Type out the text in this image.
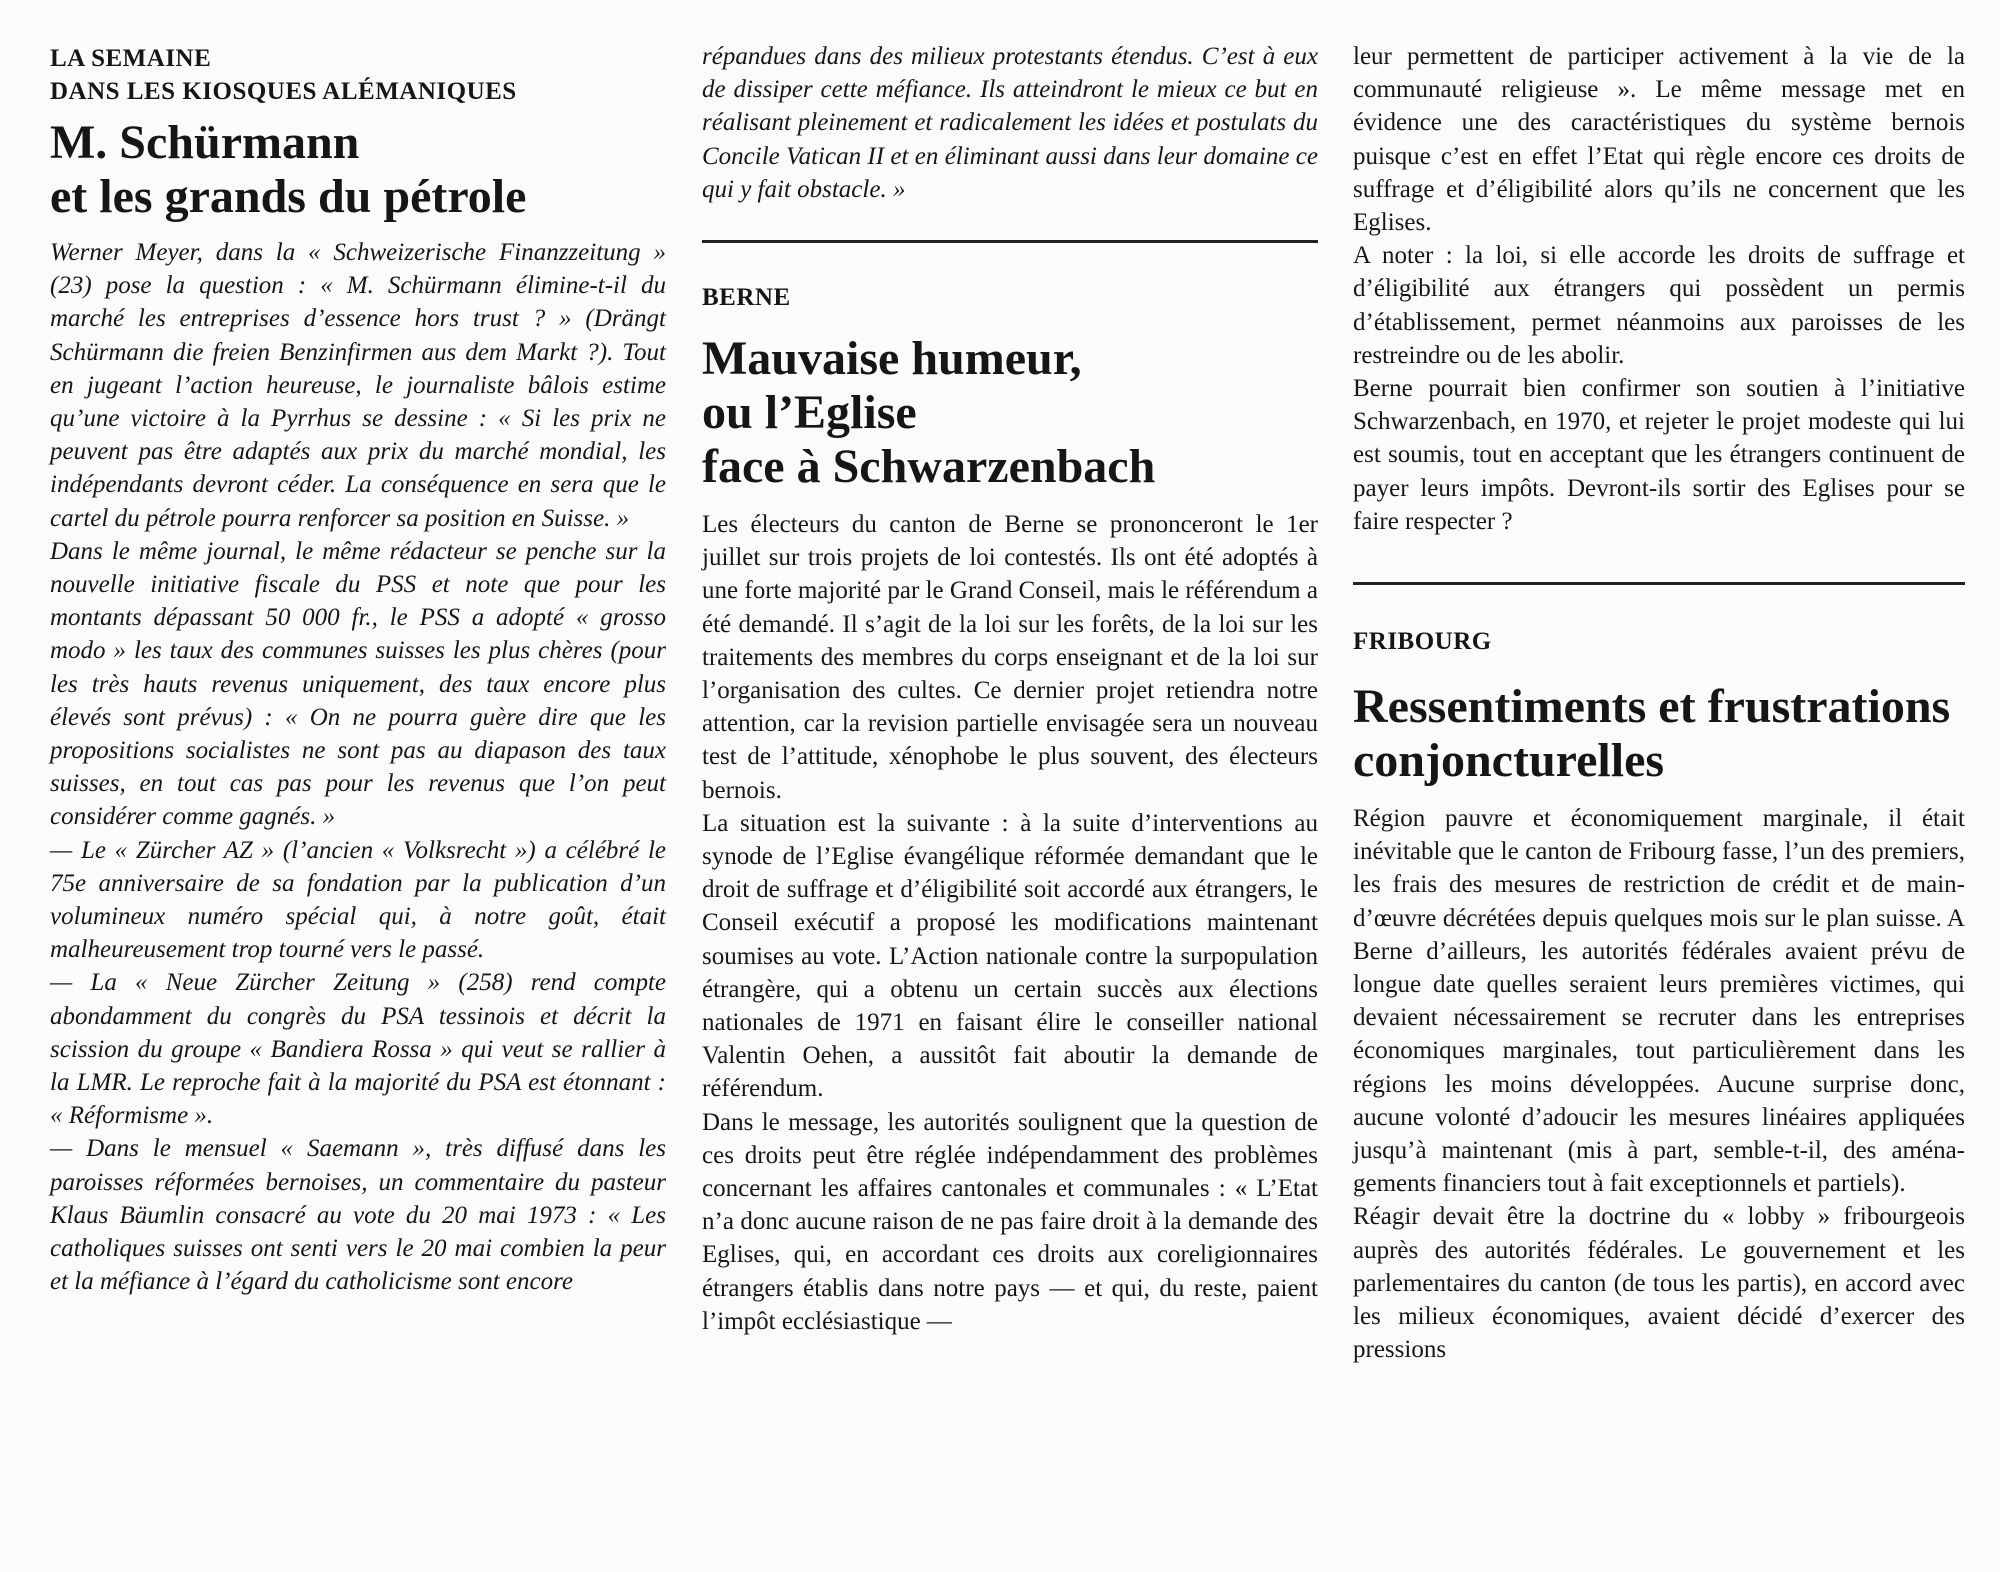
LA SEMAINE
DANS LES KIOSQUES ALÉMANIQUES
M. Schürmann
et les grands du pétrole

Werner Meyer, dans la « Schweizerische Finanzzeitung » (23) pose la question : « M. Schürmann élimine-t-il du marché les entreprises d’essence hors trust ? » (Drängt Schürmann die freien Benzinfirmen aus dem Markt ?). Tout en jugeant l’action heureuse, le journaliste bâlois estime qu’une victoire à la Pyrrhus se dessine : « Si les prix ne peuvent pas être adaptés aux prix du marché mondial, les indépendants devront céder. La conséquence en sera que le cartel du pétrole pourra renforcer sa position en Suisse. »

Dans le même journal, le même rédacteur se penche sur la nouvelle initiative fiscale du PSS et note que pour les montants dépassant 50 000 fr., le PSS a adopté « grosso modo » les taux des communes suisses les plus chères (pour les très hauts revenus uniquement, des taux encore plus élevés sont prévus) : « On ne pourra guère dire que les propositions socialistes ne sont pas au diapason des taux suisses, en tout cas pas pour les revenus que l’on peut considérer comme gagnés. »

— Le « Zürcher AZ » (l’ancien « Volksrecht ») a célébré le 75e anniversaire de sa fondation par la publication d’un volumineux numéro spécial qui, à notre goût, était malheureusement trop tourné vers le passé.

— La « Neue Zürcher Zeitung » (258) rend compte abondamment du congrès du PSA tessinois et décrit la scission du groupe « Bandiera Rossa » qui veut se rallier à la LMR. Le reproche fait à la majorité du PSA est étonnant : « Réformisme ».

— Dans le mensuel « Saemann », très diffusé dans les paroisses réformées bernoises, un commentaire du pasteur Klaus Bäumlin consacré au vote du 20 mai 1973 : « Les catholiques suisses ont senti vers le 20 mai combien la peur et la méfiance à l’égard du catholicisme sont encore

répandues dans des milieux protestants étendus. C’est à eux de dissiper cette méfiance. Ils atteindront le mieux ce but en réalisant pleinement et radicalement les idées et postulats du Concile Vatican II et en éliminant aussi dans leur domaine ce qui y fait obstacle. »

BERNE
Mauvaise humeur,
ou l’Eglise
face à Schwarzenbach

Les électeurs du canton de Berne se prononceront le 1er juillet sur trois projets de loi contestés. Ils ont été adoptés à une forte majorité par le Grand Conseil, mais le référendum a été demandé. Il s’agit de la loi sur les forêts, de la loi sur les traitements des membres du corps enseignant et de la loi sur l’organisation des cultes. Ce dernier projet retiendra notre attention, car la revision partielle envisagée sera un nouveau test de l’attitude, xénophobe le plus souvent, des électeurs bernois.

La situation est la suivante : à la suite d’interventions au synode de l’Eglise évangélique réformée demandant que le droit de suffrage et d’éligibilité soit accordé aux étrangers, le Conseil exécutif a proposé les modifications maintenant soumises au vote. L’Action nationale contre la surpopulation étrangère, qui a obtenu un certain succès aux élections nationales de 1971 en faisant élire le conseiller national Valentin Oehen, a aussitôt fait aboutir la demande de référendum.

Dans le message, les autorités soulignent que la question de ces droits peut être réglée indépendamment des problèmes concernant les affaires cantonales et communales : « L’Etat n’a donc aucune raison de ne pas faire droit à la demande des Eglises, qui, en accordant ces droits aux coreligionnaires étrangers établis dans notre pays — et qui, du reste, paient l’impôt ecclésiastique —

leur permettent de participer activement à la vie de la communauté religieuse ». Le même message met en évidence une des caractéristiques du système bernois puisque c’est en effet l’Etat qui règle encore ces droits de suffrage et d’éligibilité alors qu’ils ne concernent que les Eglises.

A noter : la loi, si elle accorde les droits de suffrage et d’éligibilité aux étrangers qui possèdent un permis d’établissement, permet néanmoins aux paroisses de les restreindre ou de les abolir.

Berne pourrait bien confirmer son soutien à l’initiative Schwarzenbach, en 1970, et rejeter le projet modeste qui lui est soumis, tout en acceptant que les étrangers continuent de payer leurs impôts. Devront-ils sortir des Eglises pour se faire respecter ?

FRIBOURG
Ressentiments et frustrations
conjoncturelles

Région pauvre et économiquement marginale, il était inévitable que le canton de Fribourg fasse, l’un des premiers, les frais des mesures de restriction de crédit et de main-d’œuvre décrétées depuis quelques mois sur le plan suisse. A Berne d’ailleurs, les autorités fédérales avaient prévu de longue date quelles seraient leurs premières victimes, qui devaient nécessairement se recruter dans les entreprises économiques marginales, tout particulièrement dans les régions les moins développées. Aucune surprise donc, aucune volonté d’adoucir les mesures linéaires appliquées jusqu’à maintenant (mis à part, semble-t-il, des aménagements financiers tout à fait exceptionnels et partiels).

Réagir devait être la doctrine du « lobby » fribourgeois auprès des autorités fédérales. Le gouvernement et les parlementaires du canton (de tous les partis), en accord avec les milieux économiques, avaient décidé d’exercer des pressions
